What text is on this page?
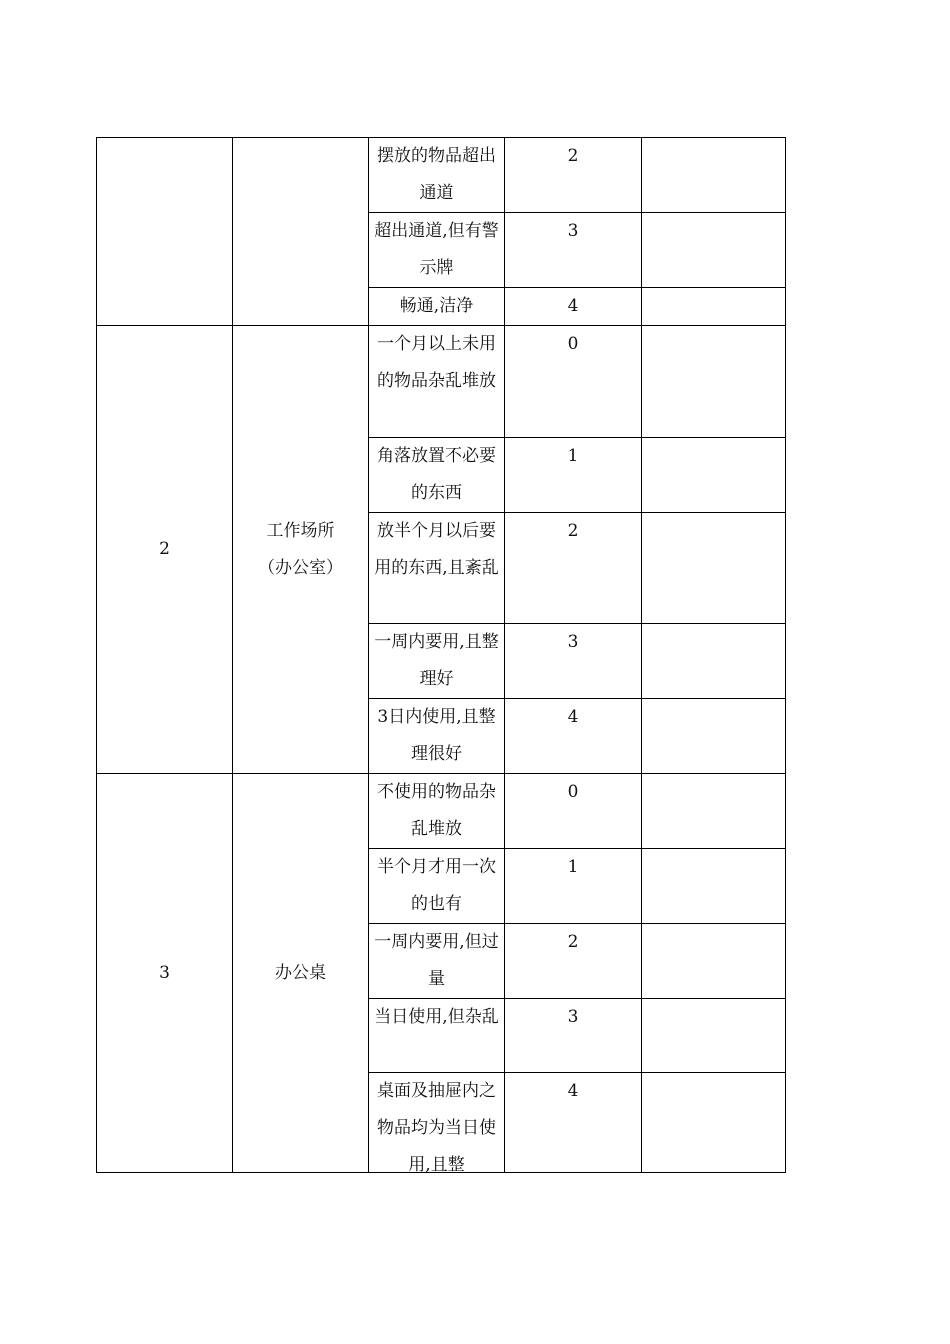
		摆放的物品超出通道	2	
		超出通道,但有警示牌	3	
		畅通,洁净	4	
2	工作场所（办公室）	一个月以上未用的物品杂乱堆放	0	
		角落放置不必要的东西	1	
		放半个月以后要用的东西,且紊乱	2	
		一周内要用,且整理好	3	
		3日内使用,且整理很好	4	
3	办公桌	不使用的物品杂乱堆放	0	
		半个月才用一次的也有	1	
		一周内要用,但过量	2	
		当日使用,但杂乱	3	

		桌面及抽屉内之物品均为当日使 用,且整	4	
